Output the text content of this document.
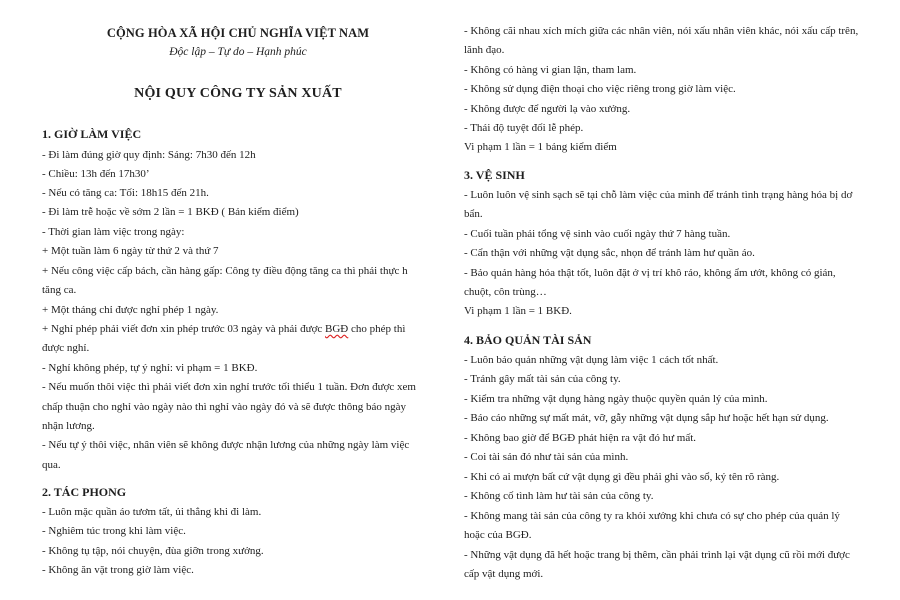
CỘNG HÒA XÃ HỘI CHỦ NGHĨA VIỆT NAM
Độc lập – Tự do – Hạnh phúc
NỘI QUY CÔNG TY SẢN XUẤT
1. GIỜ LÀM VIỆC
- Đi làm đúng giờ quy định: Sáng: 7h30 đến 12h
- Chiều: 13h đến 17h30’
- Nếu có tăng ca: Tối: 18h15 đến 21h.
- Đi làm trễ hoặc về sớm 2 lần = 1 BKĐ ( Bản kiểm điểm)
- Thời gian làm việc trong ngày:
+ Một tuần làm 6 ngày từ thứ 2 và thứ 7
+ Nếu công việc cấp bách, cần hàng gấp: Công ty điều động tăng ca thì phải thực h
tăng ca.
+ Một tháng chỉ được nghỉ phép 1 ngày.
+ Nghỉ phép phải viết đơn xin phép trước 03 ngày và phải được BGĐ cho phép thì
được nghỉ.
- Nghỉ không phép, tự ý nghỉ: vi phạm = 1 BKĐ.
- Nếu muốn thôi việc thì phải viết đơn xin nghỉ trước tối thiểu 1 tuần. Đơn được xem
chấp thuận cho nghỉ vào ngày nào thì nghỉ vào ngày đó và sẽ được thông báo ngày
nhận lương.
- Nếu tự ý thôi việc, nhân viên sẽ không được nhận lương của những ngày làm việc
qua.
2. TÁC PHONG
- Luôn mặc quần áo tươm tất, ủi thẳng khi đi làm.
- Nghiêm túc trong khi làm việc.
- Không tụ tập, nói chuyện, đùa giỡn trong xưởng.
- Không ăn vặt trong giờ làm việc.
- Không cãi nhau xích mích giữa các nhân viên, nói xấu nhân viên khác, nói xấu cấp trên,
lãnh đạo.
- Không có hàng vi gian lận, tham lam.
- Không sử dụng điện thoại cho việc riêng trong giờ làm việc.
- Không được để người lạ vào xưởng.
- Thái độ tuyệt đối lễ phép.
Vi phạm 1 lần = 1 bảng kiểm điểm
3. VỆ SINH
- Luôn luôn vệ sinh sạch sẽ tại chỗ làm việc của mình để tránh tình trạng hàng hóa bị dơ
bẩn.
- Cuối tuần phải tổng vệ sinh vào cuối ngày thứ 7 hàng tuần.
- Cẩn thận với những vật dụng sắc, nhọn để tránh làm hư quần áo.
- Bảo quản hàng hóa thật tốt, luôn đặt ở vị trí khô ráo, không ẩm ướt, không có gián,
chuột, côn trùng…
Vi phạm 1 lần = 1 BKĐ.
4. BẢO QUẢN TÀI SẢN
- Luôn bảo quản những vật dụng làm việc 1 cách tốt nhất.
- Tránh gây mất tài sản của công ty.
- Kiểm tra những vật dụng hàng ngày thuộc quyền quản lý của mình.
- Báo cáo những sự mất mát, vỡ, gẫy những vật dụng sắp hư hoặc hết hạn sử dụng.
- Không bao giờ để BGĐ phát hiện ra vật đó hư mất.
- Coi tài sản đó như tài sản của mình.
- Khi có ai mượn bất cứ vật dụng gì đều phải ghi vào sổ, ký tên rõ ràng.
- Không cố tình làm hư tài sản của công ty.
- Không mang tài sản của công ty ra khỏi xưởng khi chưa có sự cho phép của quản lý
hoặc của BGĐ.
- Những vật dụng đã hết hoặc trang bị thêm, cần phải trình lại vật dụng cũ rồi mới được
cấp vật dụng mới.
